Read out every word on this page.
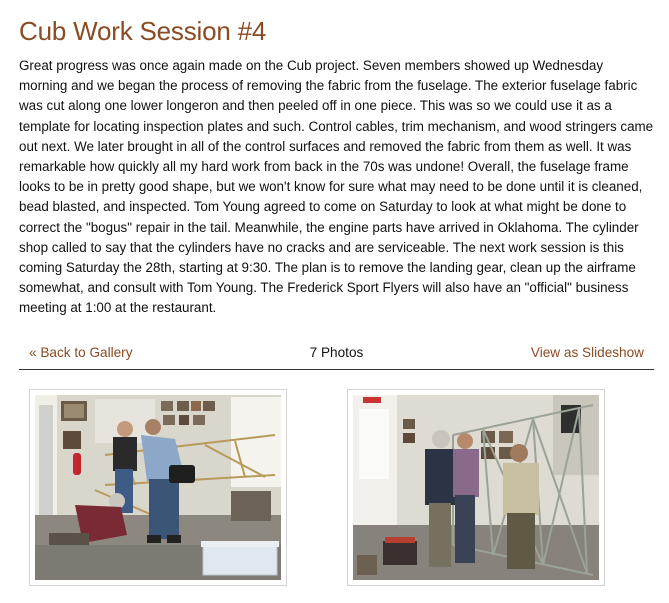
Cub Work Session #4

Great progress was once again made on the Cub project. Seven members showed up Wednesday morning and we began the process of removing the fabric from the fuselage. The exterior fuselage fabric was cut along one lower longeron and then peeled off in one piece. This was so we could use it as a template for locating inspection plates and such. Control cables, trim mechanism, and wood stringers came out next. We later brought in all of the control surfaces and removed the fabric from them as well. It was remarkable how quickly all my hard work from back in the 70s was undone! Overall, the fuselage frame looks to be in pretty good shape, but we won't know for sure what may need to be done until it is cleaned, bead blasted, and inspected. Tom Young agreed to come on Saturday to look at what might be done to correct the "bogus" repair in the tail. Meanwhile, the engine parts have arrived in Oklahoma. The cylinder shop called to say that the cylinders have no cracks and are serviceable. The next work session is this coming Saturday the 28th, starting at 9:30. The plan is to remove the landing gear, clean up the airframe somewhat, and consult with Tom Young. The Frederick Sport Flyers will also have an "official" business meeting at 1:00 at the restaurant.

« Back to Gallery	7 Photos	View as Slideshow
